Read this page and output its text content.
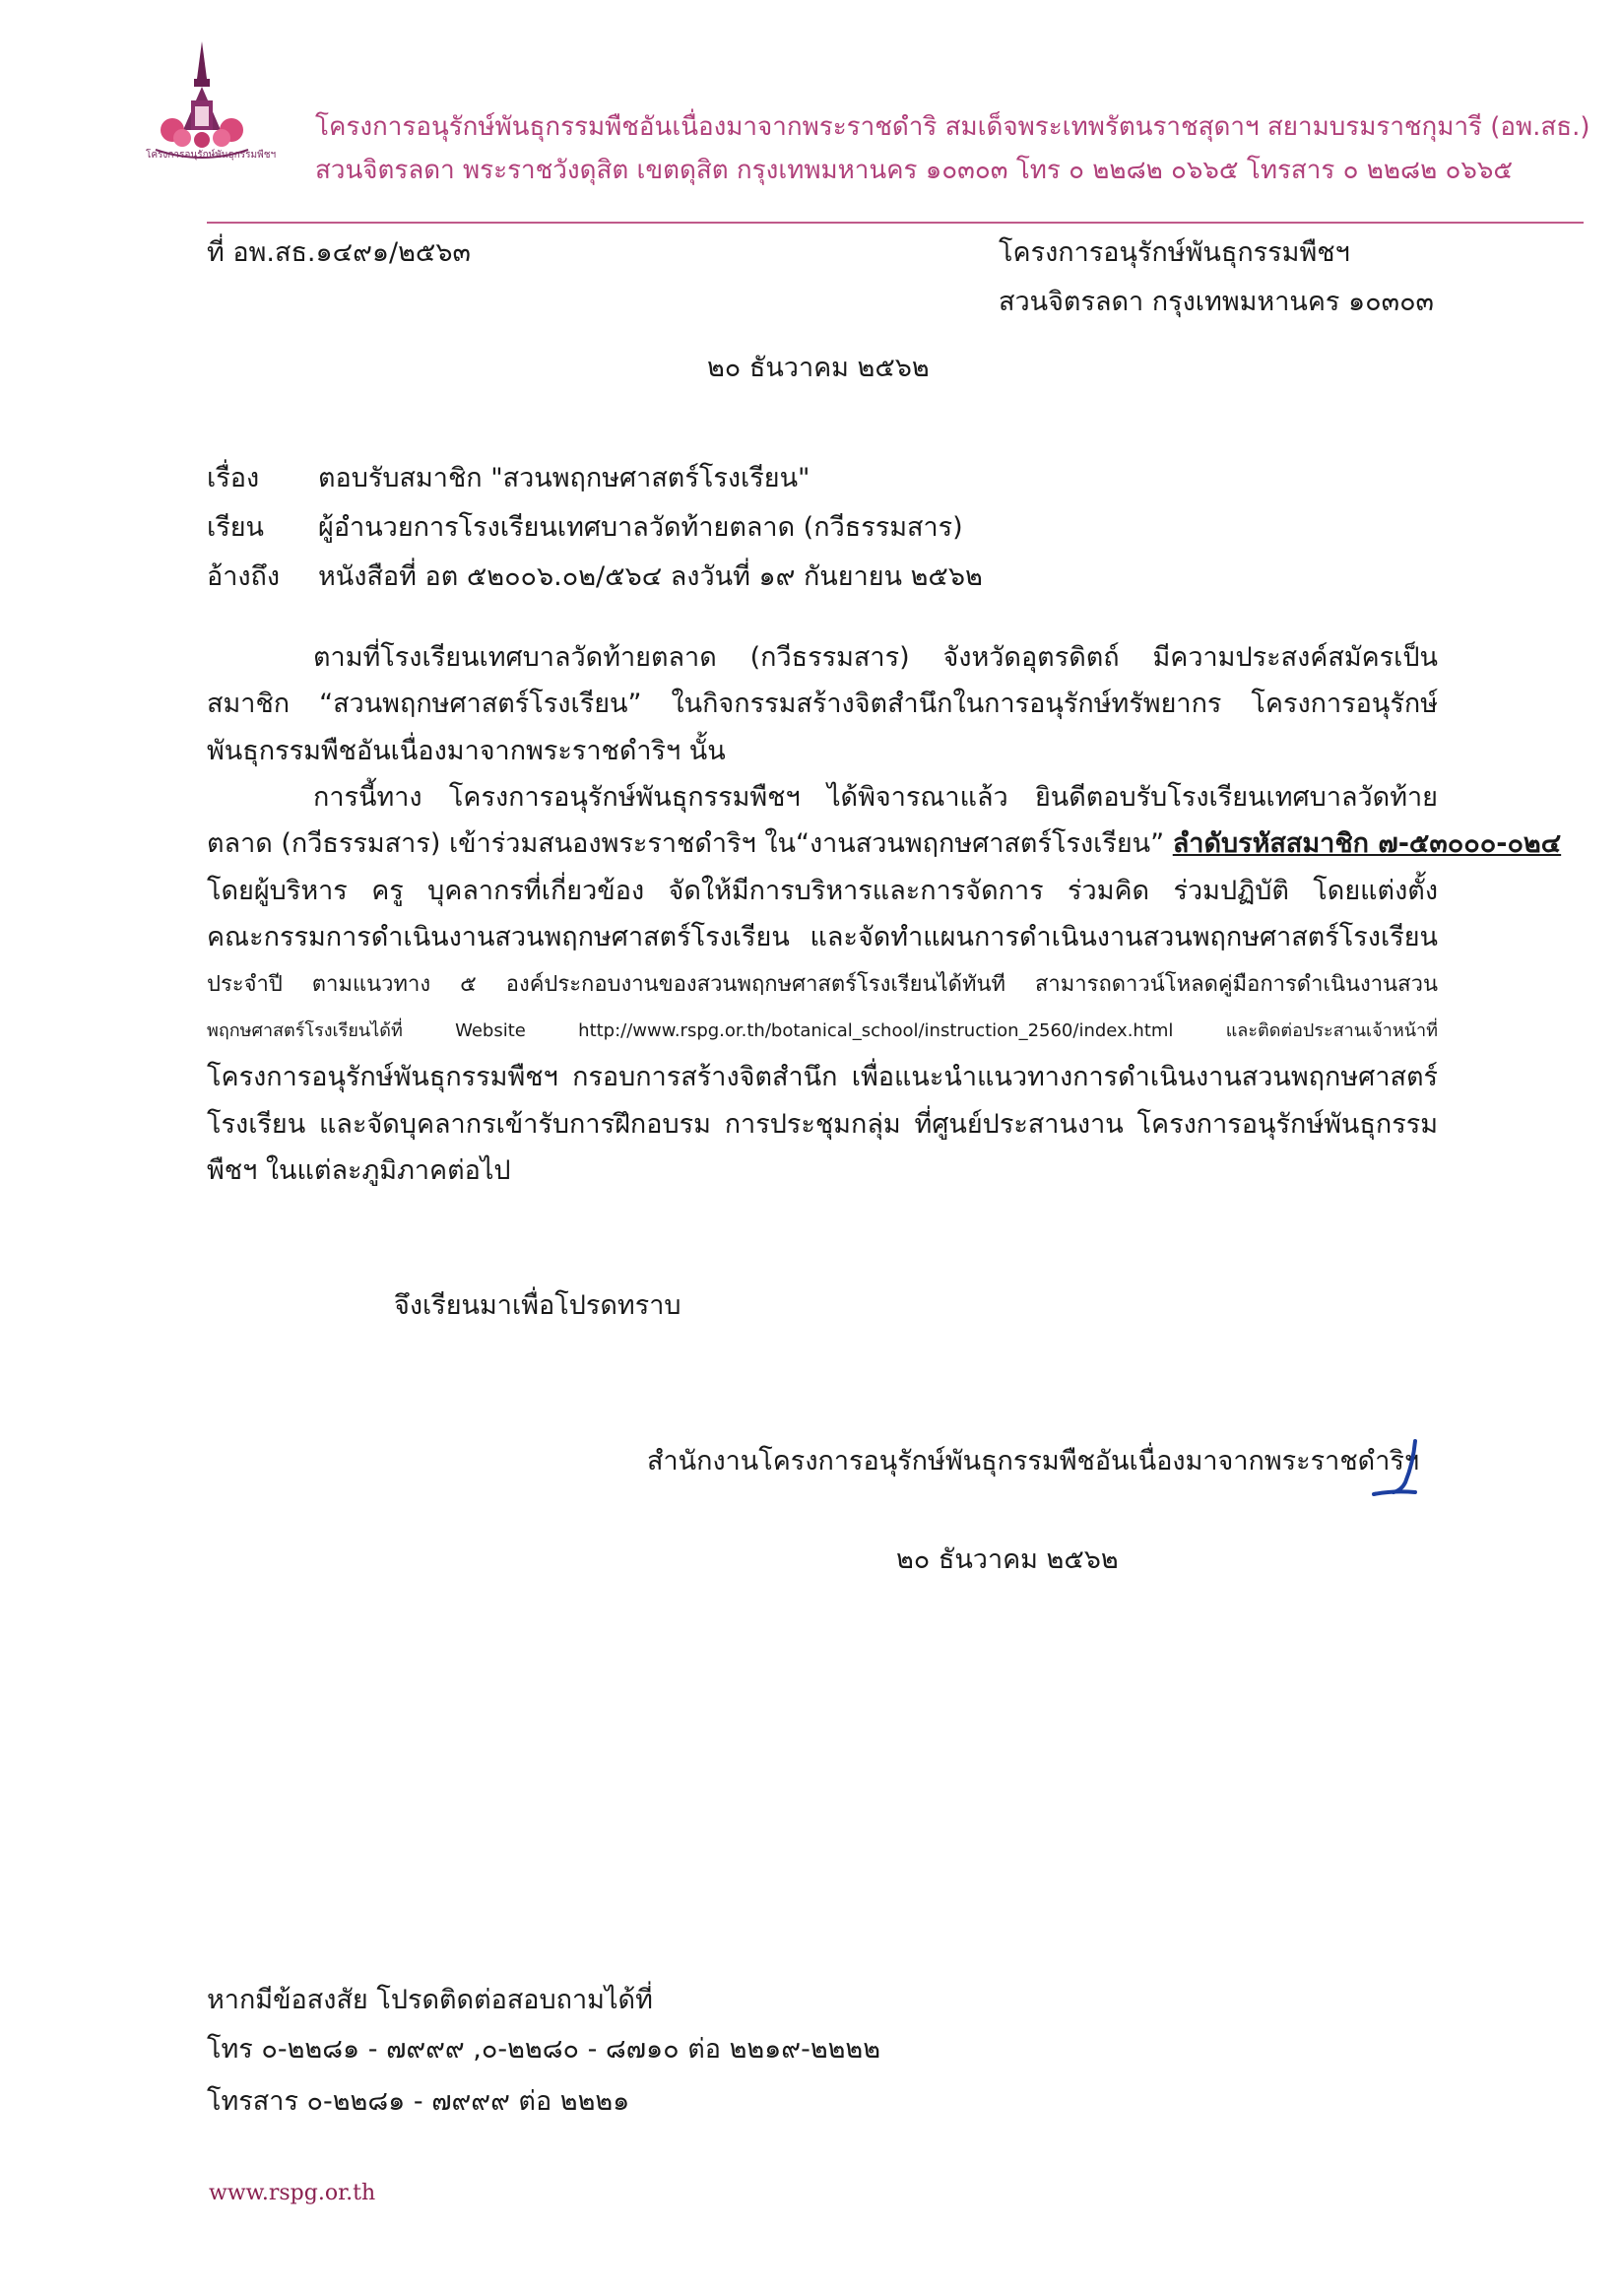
โครงการอนุรักษ์พันธุกรรมพืชฯ
โครงการอนุรักษ์พันธุกรรมพืชอันเนื่องมาจากพระราชดำริ สมเด็จพระเทพรัตนราชสุดาฯ สยามบรมราชกุมารี (อพ.สธ.)
สวนจิตรลดา พระราชวังดุสิต เขตดุสิต กรุงเทพมหานคร ๑๐๓๐๓ โทร ๐ ๒๒๘๒ ๐๖๖๕ โทรสาร ๐ ๒๒๘๒ ๐๖๖๕
ที่ อพ.สธ.๑๔๙๑/๒๕๖๓	โครงการอนุรักษ์พันธุกรรมพืชฯ
สวนจิตรลดา กรุงเทพมหานคร ๑๐๓๐๓
๒๐ ธันวาคม ๒๕๖๒
เรื่อง ตอบรับสมาชิก "สวนพฤกษศาสตร์โรงเรียน"
เรียน ผู้อำนวยการโรงเรียนเทศบาลวัดท้ายตลาด (กวีธรรมสาร)
อ้างถึง หนังสือที่ อต ๕๒๐๐๖.๐๒/๕๖๔ ลงวันที่ ๑๙ กันยายน ๒๕๖๒
ตามที่โรงเรียนเทศบาลวัดท้ายตลาด (กวีธรรมสาร) จังหวัดอุตรดิตถ์ มีความประสงค์สมัครเป็น
สมาชิก “สวนพฤกษศาสตร์โรงเรียน” ในกิจกรรมสร้างจิตสำนึกในการอนุรักษ์ทรัพยากร โครงการอนุรักษ์
พันธุกรรมพืชอันเนื่องมาจากพระราชดำริฯ นั้น
การนี้ทาง โครงการอนุรักษ์พันธุกรรมพืชฯ ได้พิจารณาแล้ว ยินดีตอบรับโรงเรียนเทศบาลวัดท้าย
ตลาด (กวีธรรมสาร) เข้าร่วมสนองพระราชดำริฯ ใน“งานสวนพฤกษศาสตร์โรงเรียน” ลำดับรหัสสมาชิก ๗-๕๓๐๐๐-๐๒๔
โดยผู้บริหาร ครู บุคลากรที่เกี่ยวข้อง จัดให้มีการบริหารและการจัดการ ร่วมคิด ร่วมปฏิบัติ โดยแต่งตั้ง
คณะกรรมการดำเนินงานสวนพฤกษศาสตร์โรงเรียน และจัดทำแผนการดำเนินงานสวนพฤกษศาสตร์โรงเรียน
ประจำปี ตามแนวทาง ๕ องค์ประกอบงานของสวนพฤกษศาสตร์โรงเรียนได้ทันที สามารถดาวน์โหลดคู่มือการดำเนินงานสวน
พฤกษศาสตร์โรงเรียนได้ที่ Website http://www.rspg.or.th/botanical_school/instruction_2560/index.html และติดต่อประสานเจ้าหน้าที่
โครงการอนุรักษ์พันธุกรรมพืชฯ กรอบการสร้างจิตสำนึก เพื่อแนะนำแนวทางการดำเนินงานสวนพฤกษศาสตร์
โรงเรียน และจัดบุคลากรเข้ารับการฝึกอบรม การประชุมกลุ่ม ที่ศูนย์ประสานงาน โครงการอนุรักษ์พันธุกรรม
พืชฯ ในแต่ละภูมิภาคต่อไป
จึงเรียนมาเพื่อโปรดทราบ
สำนักงานโครงการอนุรักษ์พันธุกรรมพืชอันเนื่องมาจากพระราชดำริฯ
๒๐ ธันวาคม ๒๕๖๒
หากมีข้อสงสัย โปรดติดต่อสอบถามได้ที่
โทร ๐-๒๒๘๑ - ๗๙๙๙ ,๐-๒๒๘๐ - ๘๗๑๐ ต่อ ๒๒๑๙-๒๒๒๒
โทรสาร ๐-๒๒๘๑ - ๗๙๙๙ ต่อ ๒๒๒๑
www.rspg.or.th
